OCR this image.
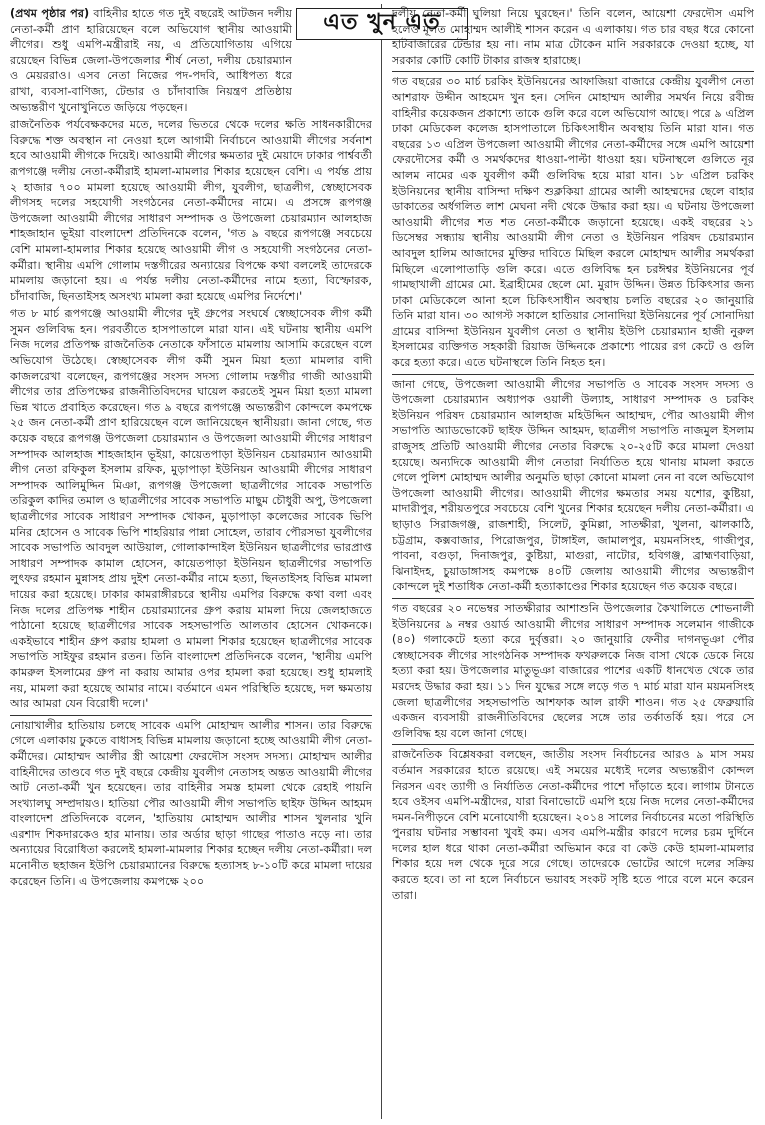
এত খুন এত

(প্রথম পৃষ্ঠার পর) বাহিনীর হাতে গত দুই বছরেই আটজন দলীয় নেতা-কর্মী প্রাণ হারিয়েছেন বলে অভিযোগ স্থানীয় আওয়ামী লীগের। শুধু এমপি-মন্ত্রীরাই নয়, এ প্রতিযোগিতায় এগিয়ে রয়েছেন বিভিন্ন জেলা-উপজেলার শীর্ষ নেতা, দলীয় চেয়ারম্যান ও মেয়ররাও। এসব নেতা নিজের পদ-পদবি, আধিপত্য ধরে রাখা, ব্যবসা-বাণিজ্য, টেন্ডার ও চাঁদাবাজি নিয়ন্ত্রণ প্রতিষ্ঠায় অভ্যন্তরীণ খুনোখুনিতে জড়িয়ে পড়ছেন।

রাজনৈতিক পর্যবেক্ষকদের মতে, দলের ভিতরে থেকে দলের ক্ষতি সাধনকারীদের বিরুদ্ধে শক্ত অবস্থান না নেওয়া হলে আগামী নির্বাচনে আওয়ামী লীগের সর্বনাশ হবে আওয়ামী লীগকে দিয়েই। আওয়ামী লীগের ক্ষমতার দুই মেয়াদে ঢাকার পার্শ্ববর্তী রূপগঞ্জে দলীয় নেতা-কর্মীরাই হামলা-মামলার শিকার হয়েছেন বেশি। এ পর্যন্ত প্রায় ২ হাজার ৭০০ মামলা হয়েছে আওয়ামী লীগ, যুবলীগ, ছাত্রলীগ, স্বেচ্ছাসেবক লীগসহ দলের সহযোগী সংগঠনের নেতা-কর্মীদের নামে। এ প্রসঙ্গে রূপগঞ্জ উপজেলা আওয়ামী লীগের সাধারণ সম্পাদক ও উপজেলা চেয়ারম্যান আলহাজ শাহজাহান ভূইয়া বাংলাদেশ প্রতিদিনকে বলেন, 'গত ৯ বছরে রূপগঞ্জে সবচেয়ে বেশি মামলা-হামলার শিকার হয়েছে আওয়ামী লীগ ও সহযোগী সংগঠনের নেতা-কর্মীরা। স্থানীয় এমপি গোলাম দস্তগীরের অন্যায়ের বিপক্ষে কথা বললেই তাদেরকে মামলায় জড়ানো হয়। এ পর্যন্ত দলীয় নেতা-কর্মীদের নামে হত্যা, বিস্ফোরক, চাঁদাবাজি, ছিনতাইসহ অসংখ্য মামলা করা হয়েছে এমপির নির্দেশে।'

গত ৮ মার্চ রূপগঞ্জে আওয়ামী লীগের দুই গ্রুপের সংঘর্ষে স্বেচ্ছাসেবক লীগ কর্মী সুমন গুলিবিদ্ধ হন। পরবর্তীতে হাসপাতালে মারা যান। এই ঘটনায় স্থানীয় এমপি নিজ দলের প্রতিপক্ষ রাজনৈতিক নেতাকে ফাঁসাতে মামলায় আসামি করেছেন বলে অভিযোগ উঠেছে। স্বেচ্ছাসেবক লীগ কর্মী সুমন মিয়া হত্যা মামলার বাদী কাজলরেখা বলেছেন, রূপগঞ্জের সংসদ সদস্য গোলাম দস্তগীর গাজী আওয়ামী লীগের তার প্রতিপক্ষের রাজনীতিবিদদের ঘায়েল করতেই সুমন মিয়া হত্যা মামলা ভিন্ন খাতে প্রবাহিত করেছেন। গত ৯ বছরে রূপগঞ্জে অভ্যন্তরীণ কোন্দলে কমপক্ষে ২৫ জন নেতা-কর্মী প্রাণ হারিয়েছেন বলে জানিয়েছেন স্থানীয়রা। জানা গেছে, গত কয়েক বছরে রূপগঞ্জ উপজেলা চেয়ারম্যান ও উপজেলা আওয়ামী লীগের সাধারণ সম্পাদক আলহাজ শাহজাহান ভূইয়া, কায়েতপাড়া ইউনিয়ন চেয়ারম্যান আওয়ামী লীগ নেতা রফিকুল ইসলাম রফিক, মুড়াপাড়া ইউনিয়ন আওয়ামী লীগের সাধারণ সম্পাদক আলিমুদ্দিন মিঞা, রূপগঞ্জ উপজেলা ছাত্রলীগের সাবেক সভাপতি তরিকুল কাদির তমাল ও ছাত্রলীগের সাবেক সভাপতি মাছুম চৌধুরী অপু, উপজেলা ছাত্রলীগের সাবেক সাধারণ সম্পাদক খোকন, মুড়াপাড়া কলেজের সাবেক ভিপি মনির হোসেন ও সাবেক ভিপি শাহরিয়ার পান্না সোহেল, তারাব পৌরসভা যুবলীগের সাবেক সভাপতি আবদুল আউয়াল, গোলাকান্দাইল ইউনিয়ন ছাত্রলীগের ভারপ্রাপ্ত সাধারণ সম্পাদক কামাল হোসেন, কায়েতপাড়া ইউনিয়ন ছাত্রলীগের সভাপতি লুৎফর রহমান মুন্নাসহ প্রায় দুইশ নেতা-কর্মীর নামে হত্যা, ছিনতাইসহ বিভিন্ন মামলা দায়ের করা হয়েছে। ঢাকার কামরাঙ্গীরচরে স্থানীয় এমপির বিরুদ্ধে কথা বলা এবং নিজ দলের প্রতিপক্ষ শাহীন চেয়ারম্যানের গ্রুপ করায় মামলা দিয়ে জেলহাজতে পাঠানো হয়েছে ছাত্রলীগের সাবেক সহসভাপতি আলতাব হোসেন খোকনকে। একইভাবে শাহীন গ্রুপ করায় হামলা ও মামলা শিকার হয়েছেন ছাত্রলীগের সাবেক সভাপতি সাইফুর রহমান রতন। তিনি বাংলাদেশ প্রতিদিনকে বলেন, 'স্থানীয় এমপি কামরুল ইসলামের গ্রুপ না করায় আমার ওপর হামলা করা হয়েছে। শুধু হামলাই নয়, মামলা করা হয়েছে আমার নামে। বর্তমানে এমন পরিস্থিতি হয়েছে, দল ক্ষমতায় আর আমরা যেন বিরোধী দলে।'

নোয়াখালীর হাতিয়ায় চলছে সাবেক এমপি মোহাম্মদ আলীর শাসন। তার বিরুদ্ধে গেলে এলাকায় ঢুকতে বাধাসহ বিভিন্ন মামলায় জড়ানো হচ্ছে আওয়ামী লীগ নেতা-কর্মীদের। মোহাম্মদ আলীর স্ত্রী আয়েশা ফেরদৌস সংসদ সদস্য। মোহাম্মদ আলীর বাহিনীদের তাণ্ডবে গত দুই বছরে কেন্দ্রীয় যুবলীগ নেতাসহ অন্তত আওয়ামী লীগের আট নেতা-কর্মী খুন হয়েছেন। তার বাহিনীর সমস্ত হামলা থেকে রেহাই পায়নি সংখ্যালঘু সম্প্রদায়ও। হাতিয়া পৌর আওয়ামী লীগ সভাপতি ছাইফ উদ্দিন আহমদ বাংলাদেশ প্রতিদিনকে বলেন, 'হাতিয়ায় মোহাম্মদ আলীর শাসন খুলনার খুনি এরশাদ শিকদারকেও হার মানায়। তার অর্ডার ছাড়া গাছের পাতাও নড়ে না। তার অন্যায়ের বিরোধিতা করলেই হামলা-মামলার শিকার হচ্ছেন দলীয় নেতা-কর্মীরা। দল মনোনীত ছহাজন ইউপি চেয়ারম্যানের বিরুদ্ধে হত্যাসহ ৮-১০টি করে মামলা দায়ের করেছেন তিনি। এ উপজেলায় কমপক্ষে ২০০

দলীয় নেতা-কর্মী ঘুলিয়া নিয়ে ঘুরছেন।' তিনি বলেন, আয়েশা ফেরদৌস এমপি হলেও মূলত মোহাম্মদ আলীই শাসন করেন এ এলাকায়। গত চার বছর ধরে কোনো হাটবাজারের টেন্ডার হয় না। নাম মাত্র টোকেন মানি সরকারকে দেওয়া হচ্ছে, যা সরকার কোটি কোটি টাকার রাজস্ব হারাচ্ছে।

গত বছরের ৩০ মার্চ চরকিং ইউনিয়নের আফাজিয়া বাজারে কেন্দ্রীয় যুবলীগ নেতা আশরাফ উদ্দীন আহমেদ খুন হন। সেদিন মোহাম্মদ আলীর সমর্থন নিয়ে রবীন্দ্র বাহিনীর কয়েকজন প্রকাশ্যে তাকে গুলি করে বলে অভিযোগ আছে। পরে ৯ এপ্রিল ঢাকা মেডিকেল কলেজ হাসপাতালে চিকিৎসাধীন অবস্থায় তিনি মারা যান। গত বছরের ১৩ এপ্রিল উপজেলা আওয়ামী লীগের নেতা-কর্মীদের সঙ্গে এমপি আয়েশা ফেরদৌসের কর্মী ও সমর্থকদের ধাওয়া-পাল্টা ধাওয়া হয়। ঘটনাস্থলে গুলিতে নূর আলম নামের এক যুবলীগ কর্মী গুলিবিদ্ধ হয়ে মারা যান। ১৮ এপ্রিল চরকিং ইউনিয়নের স্থানীয় বাসিন্দা দক্ষিণ শুক্লকিয়া গ্রামের আলী আহম্মদের ছেলে বাহার ডাকাতের অর্ধগলিত লাশ মেঘনা নদী থেকে উদ্ধার করা হয়। এ ঘটনায় উপজেলা আওয়ামী লীগের শত শত নেতা-কর্মীকে জড়ানো হয়েছে। একই বছরের ২১ ডিসেম্বর সন্ধ্যায় স্থানীয় আওয়ামী লীগ নেতা ও ইউনিয়ন পরিষদ চেয়ারম্যান আবদুল হালিম আজাদের মুক্তির দাবিতে মিছিল করলে মোহাম্মদ আলীর সমর্থকরা মিছিলে এলোপাতাড়ি গুলি করে। এতে গুলিবিদ্ধ হন চরঈশ্বর ইউনিয়নের পূর্ব গামছাখালী গ্রামের মো. ইব্রাহীমের ছেলে মো. মুরাদ উদ্দিন। উন্নত চিকিৎসার জন্য ঢাকা মেডিকেলে আনা হলে চিকিৎসাধীন অবস্থায় চলতি বছরের ২০ জানুয়ারি তিনি মারা যান। ৩০ আগস্ট সকালে হাতিয়ার সোনাদিয়া ইউনিয়নের পূর্ব সোনাদিয়া গ্রামের বাসিন্দা ইউনিয়ন যুবলীগ নেতা ও স্থানীয় ইউপি চেয়ারম্যান হাজী নুরুল ইসলামের ব্যক্তিগত সহকারী রিয়াজ উদ্দিনকে প্রকাশ্যে পায়ের রগ কেটে ও গুলি করে হত্যা করে। এতে ঘটনাস্থলে তিনি নিহত হন।

জানা গেছে, উপজেলা আওয়ামী লীগের সভাপতি ও সাবেক সংসদ সদস্য ও উপজেলা চেয়ারম্যান অধ্যাপক ওয়ালী উল্যাহ, সাধারণ সম্পাদক ও চরকিং ইউনিয়ন পরিষদ চেয়ারম্যান আলহাজ মহিউদ্দিন আহাম্মদ, পৌর আওয়ামী লীগ সভাপতি অ্যাডভোকেট ছাইফ উদ্দিন আহমদ, ছাত্রলীগ সভাপতি নাজমুল ইসলাম রাজুসহ প্রতিটি আওয়ামী লীগের নেতার বিরুদ্ধে ২০-২৫টি করে মামলা দেওয়া হয়েছে। অন্যদিকে আওয়ামী লীগ নেতারা নির্যাতিত হয়ে থানায় মামলা করতে গেলে পুলিশ মোহাম্মদ আলীর অনুমতি ছাড়া কোনো মামলা নেন না বলে অভিযোগ উপজেলা আওয়ামী লীগের। আওয়ামী লীগের ক্ষমতার সময় যশোর, কুষ্টিয়া, মাদারীপুর, শরীয়তপুরে সবচেয়ে বেশি খুনের শিকার হয়েছেন দলীয় নেতা-কর্মীরা। এ ছাড়াও সিরাজগঞ্জ, রাজশাহী, সিলেট, কুমিল্লা, সাতক্ষীরা, খুলনা, ঝালকাঠি, চট্টগ্রাম, কক্সবাজার, পিরোজপুর, টাঙ্গাইল, জামালপুর, ময়মনসিংহ, গাজীপুর, পাবনা, বগুড়া, দিনাজপুর, কুষ্টিয়া, মাগুরা, নাটোর, হবিগঞ্জ, ব্রাহ্মণবাড়িয়া, ঝিনাইদহ, চুয়াডাঙ্গাসহ কমপক্ষে ৪০টি জেলায় আওয়ামী লীগের অভ্যন্তরীণ কোন্দলে দুই শতাধিক নেতা-কর্মী হত্যাকাণ্ডের শিকার হয়েছেন গত কয়েক বছরে।

গত বছরের ২০ নভেম্বর সাতক্ষীরার আশাশুনি উপজেলার কৈখালিতে শোভনালী ইউনিয়নের ৯ নম্বর ওয়ার্ড আওয়ামী লীগের সাধারণ সম্পাদক সলেমান গাজীকে (৪০) গলাকেটে হত্যা করে দুর্বৃত্তরা। ২০ জানুয়ারি ফেনীর দাগনভূঞা পৌর স্বেচ্ছাসেবক লীগের সাংগঠনিক সম্পাদক ফখরুলকে নিজ বাসা থেকে ডেকে নিয়ে হত্যা করা হয়। উপজেলার মাতুভূঞা বাজারের পাশের একটি ধানখেত থেকে তার মরদেহ উদ্ধার করা হয়। ১১ দিন যুদ্ধের সঙ্গে লড়ে গত ৭ মার্চ মারা যান ময়মনসিংহ জেলা ছাত্রলীগের সহসভাপতি আশফাক আল রাফী শাওন। গত ২৫ ফেব্রুয়ারি একজন ব্যবসায়ী রাজনীতিবিদের ছেলের সঙ্গে তার তর্কাতর্কি হয়। পরে সে গুলিবিদ্ধ হয় বলে জানা গেছে।

রাজনৈতিক বিশ্লেষকরা বলছেন, জাতীয় সংসদ নির্বাচনের আরও ৯ মাস সময় বর্তমান সরকারের হাতে রয়েছে। এই সময়ের মধ্যেই দলের অভ্যন্তরীণ কোন্দল নিরসন এবং ত্যাগী ও নির্যাতিত নেতা-কর্মীদের পাশে দাঁড়াতে হবে। লাগাম টানতে হবে ওইসব এমপি-মন্ত্রীদের, যারা বিনাভোটে এমপি হয়ে নিজ দলের নেতা-কর্মীদের দমন-নিপীড়নে বেশি মনোযোগী হয়েছেন। ২০১৪ সালের নির্বাচনের মতো পরিস্থিতি পুনরায় ঘটনার সম্ভাবনা খুবই কম। এসব এমপি-মন্ত্রীর কারণে দলের চরম দুর্দিনে দলের হাল ধরে থাকা নেতা-কর্মীরা অভিমান করে বা কেউ কেউ হামলা-মামলার শিকার হয়ে দল থেকে দূরে সরে গেছে। তাদেরকে ভোটের আগে দলের সক্রিয় করতে হবে। তা না হলে নির্বাচনে ভয়াবহ সংকট সৃষ্টি হতে পারে বলে মনে করেন তারা।
